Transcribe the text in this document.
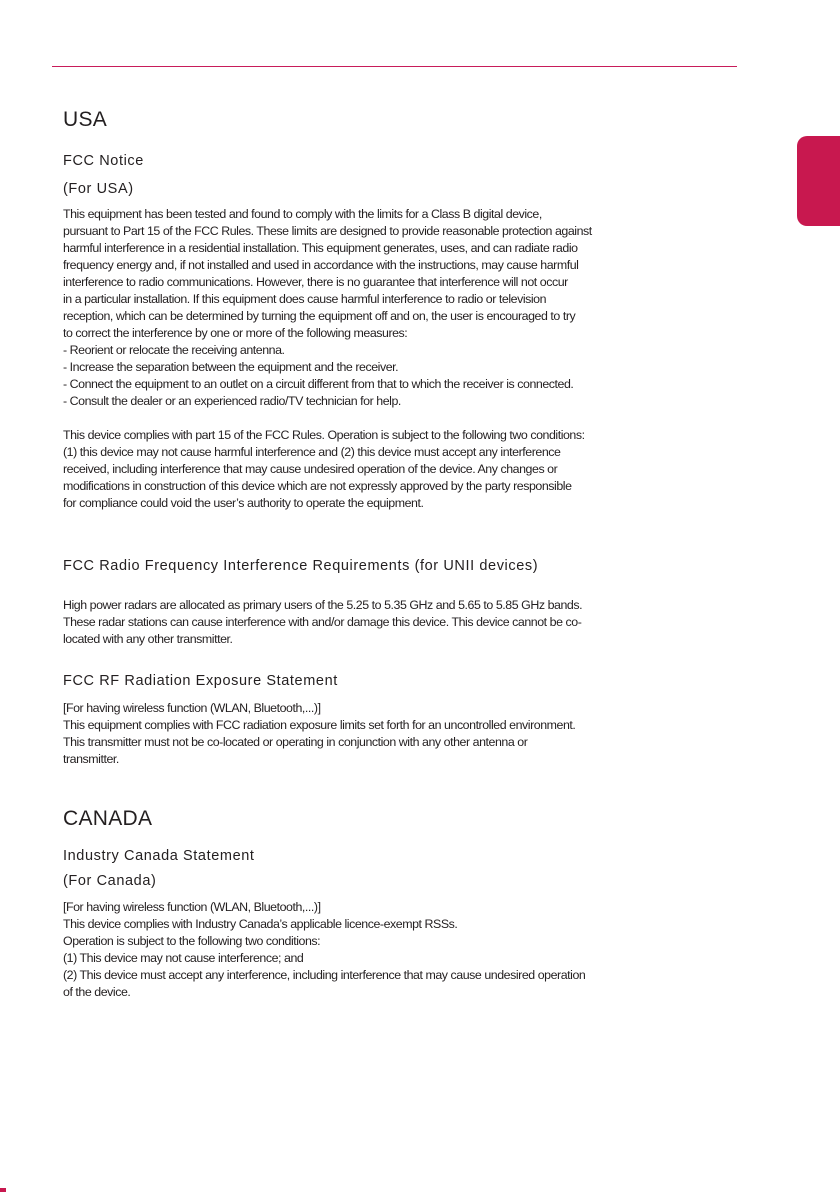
USA
FCC Notice
(For USA)

This equipment has been tested and found to comply with the limits for a Class B digital device,
pursuant to Part 15 of the FCC Rules. These limits are designed to provide reasonable protection against
harmful interference in a residential installation. This equipment generates, uses, and can radiate radio
frequency energy and, if not installed and used in accordance with the instructions, may cause harmful
interference to radio communications. However, there is no guarantee that interference will not occur
in a particular installation. If this equipment does cause harmful interference to radio or television
reception, which can be determined by turning the equipment off and on, the user is encouraged to try
to correct the interference by one or more of the following measures:

- Reorient or relocate the receiving antenna.
- Increase the separation between the equipment and the receiver.
- Connect the equipment to an outlet on a circuit different from that to which the receiver is connected.
- Consult the dealer or an experienced radio/TV technician for help.

This device complies with part 15 of the FCC Rules. Operation is subject to the following two conditions:
(1) this device may not cause harmful interference and (2) this device must accept any interference
received, including interference that may cause undesired operation of the device. Any changes or
modifications in construction of this device which are not expressly approved by the party responsible
for compliance could void the user’s authority to operate the equipment.

FCC Radio Frequency Interference Requirements (for UNII devices)

High power radars are allocated as primary users of the 5.25 to 5.35 GHz and 5.65 to 5.85 GHz bands.
These radar stations can cause interference with and/or damage this device. This device cannot be co-
located with any other transmitter.

FCC RF Radiation Exposure Statement

[For having wireless function (WLAN, Bluetooth,...)]
This equipment complies with FCC radiation exposure limits set forth for an uncontrolled environment.
This transmitter must not be co-located or operating in conjunction with any other antenna or
transmitter.

CANADA
Industry Canada Statement
(For Canada)

[For having wireless function (WLAN, Bluetooth,...)]
This device complies with Industry Canada’s applicable licence-exempt RSSs.
Operation is subject to the following two conditions:
(1) This device may not cause interference; and
(2) This device must accept any interference, including interference that may cause undesired operation
of the device.
